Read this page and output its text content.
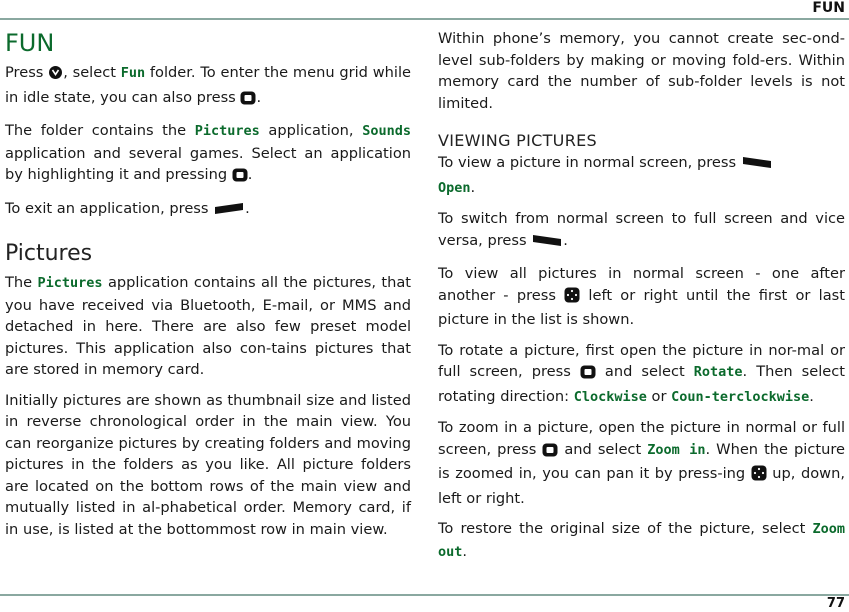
FUN
FUN

Press , select Fun folder. To enter the menu grid while in idle state, you can also press .

The folder contains the Pictures application, Sounds application and several games. Select an application by highlighting it and pressing .

To exit an application, press .

Pictures

The Pictures application contains all the pictures, that you have received via Bluetooth, E-mail, or MMS and detached in here. There are also few preset model pictures. This application also con-tains pictures that are stored in memory card.

Initially pictures are shown as thumbnail size and listed in reverse chronological order in the main view. You can reorganize pictures by creating folders and moving pictures in the folders as you like. All picture folders are located on the bottom rows of the main view and mutually listed in al-phabetical order. Memory card, if in use, is listed at the bottommost row in main view.

Within phone’s memory, you cannot create sec-ond-level sub-folders by making or moving fold-ers. Within memory card the number of sub-folder levels is not limited.

VIEWING PICTURES

To view a picture in normal screen, press
Open.

To switch from normal screen to full screen and vice versa, press .

To view all pictures in normal screen - one after another - press  left or right until the first or last picture in the list is shown.

To rotate a picture, first open the picture in nor-mal or full screen, press  and select Rotate. Then select rotating direction: Clockwise or Coun-terclockwise.

To zoom in a picture, open the picture in normal or full screen, press  and select Zoom in. When the picture is zoomed in, you can pan it by press-ing  up, down, left or right.

To restore the original size of the picture, select Zoom out.

77
